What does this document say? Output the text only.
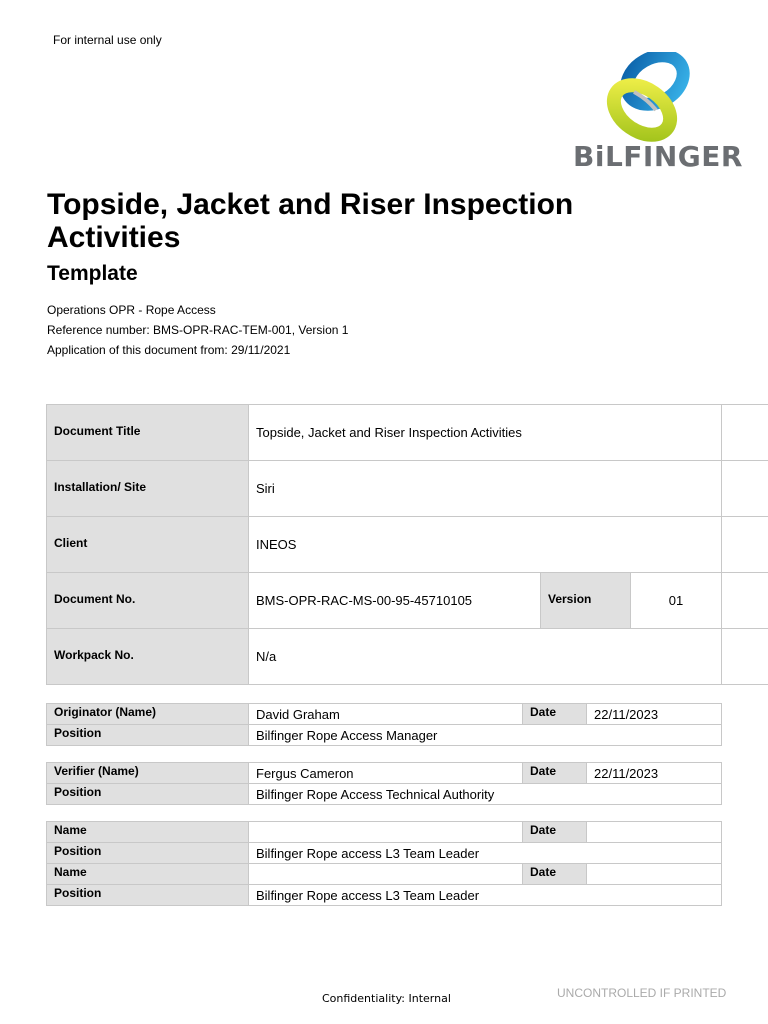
For internal use only
BiLFINGER
Topside, Jacket and Riser Inspection Activities
Template
Operations OPR - Rope Access
Reference number: BMS-OPR-RAC-TEM-001, Version 1
Application of this document from: 29/11/2021
Document Title	Topside, Jacket and Riser Inspection Activities			
Installation/ Site	Siri			
Client	INEOS			
Document No.	BMS-OPR-RAC-MS-00-95-45710105	Version	01	
Workpack No.	N/a			
Originator (Name)	David Graham	Date	22/11/2023
Position	Bilfinger Rope Access Manager		
Verifier (Name)	Fergus Cameron	Date	22/11/2023
Position	Bilfinger Rope Access Technical Authority		
Name		Date	
Position	Bilfinger Rope access L3 Team Leader		
Name		Date	
Position	Bilfinger Rope access L3 Team Leader		
UNCONTROLLED IF PRINTED
Confidentiality: Internal
